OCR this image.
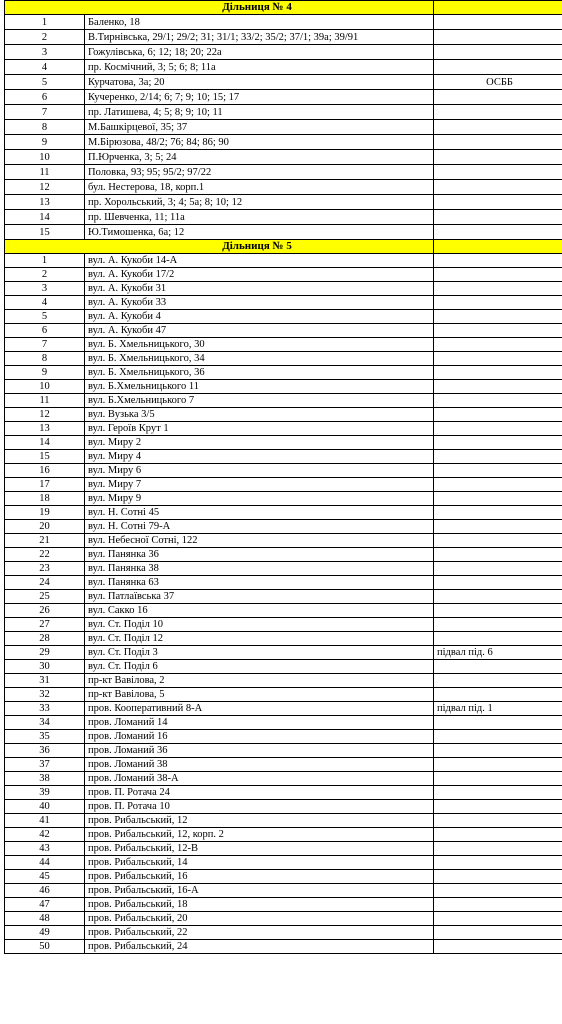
Дільниця № 4		
1	Баленко, 18	
2	В.Тирнівська, 29/1; 29/2; 31; 31/1; 33/2; 35/2; 37/1; 39а; 39/91	
3	Гожулівська, 6; 12; 18; 20; 22а	
4	пр. Космічний, 3; 5; 6; 8; 11а	
5	Курчатова, 3а; 20	ОСББ
6	Кучеренко, 2/14; 6; 7; 9; 10; 15; 17	
7	пр. Латишева, 4; 5; 8; 9; 10; 11	
8	М.Башкірцевої, 35; 37	
9	М.Бірюзова, 48/2; 76; 84; 86; 90	
10	П.Юрченка, 3; 5; 24	
11	Половка, 93; 95; 95/2; 97/22	
12	бул. Нестерова, 18, корп.1	
13	пр. Хорольський, 3; 4; 5а; 8; 10; 12	
14	пр. Шевченка, 11; 11а	
15	Ю.Тимошенка, 6а; 12	
Дільниця № 5		
1	вул. А. Кукоби 14-А	
2	вул. А. Кукоби 17/2	
3	вул. А. Кукоби 31	
4	вул. А. Кукоби 33	
5	вул. А. Кукоби 4	
6	вул. А. Кукоби 47	
7	вул. Б. Хмельницького, 30	
8	вул. Б. Хмельницького, 34	
9	вул. Б. Хмельницького, 36	
10	вул. Б.Хмельницького 11	
11	вул. Б.Хмельницького 7	
12	вул. Вузька 3/5	
13	вул. Героїв Крут 1	
14	вул. Миру 2	
15	вул. Миру 4	
16	вул. Миру 6	
17	вул. Миру 7	
18	вул. Миру 9	
19	вул. Н. Сотні 45	
20	вул. Н. Сотні 79-А	
21	вул. Небесної Сотні, 122	
22	вул. Панянка 36	
23	вул. Панянка 38	
24	вул. Панянка 63	
25	вул. Патлаївська 37	
26	вул. Сакко 16	
27	вул. Ст. Поділ 10	
28	вул. Ст. Поділ 12	
29	вул. Ст. Поділ 3	підвал під. 6
30	вул. Ст. Поділ 6	
31	пр-кт Вавілова, 2	
32	пр-кт Вавілова, 5	
33	пров. Кооперативний 8-А	підвал під. 1
34	пров. Ломаний 14	
35	пров. Ломаний 16	
36	пров. Ломаний 36	
37	пров. Ломаний 38	
38	пров. Ломаний 38-А	
39	пров. П. Ротача 24	
40	пров. П. Ротача 10	
41	пров. Рибальський, 12	
42	пров. Рибальський, 12, корп. 2	
43	пров. Рибальський, 12-В	
44	пров. Рибальський, 14	
45	пров. Рибальський, 16	
46	пров. Рибальський, 16-А	
47	пров. Рибальський, 18	
48	пров. Рибальський, 20	
49	пров. Рибальський, 22	
50	пров. Рибальський, 24	
